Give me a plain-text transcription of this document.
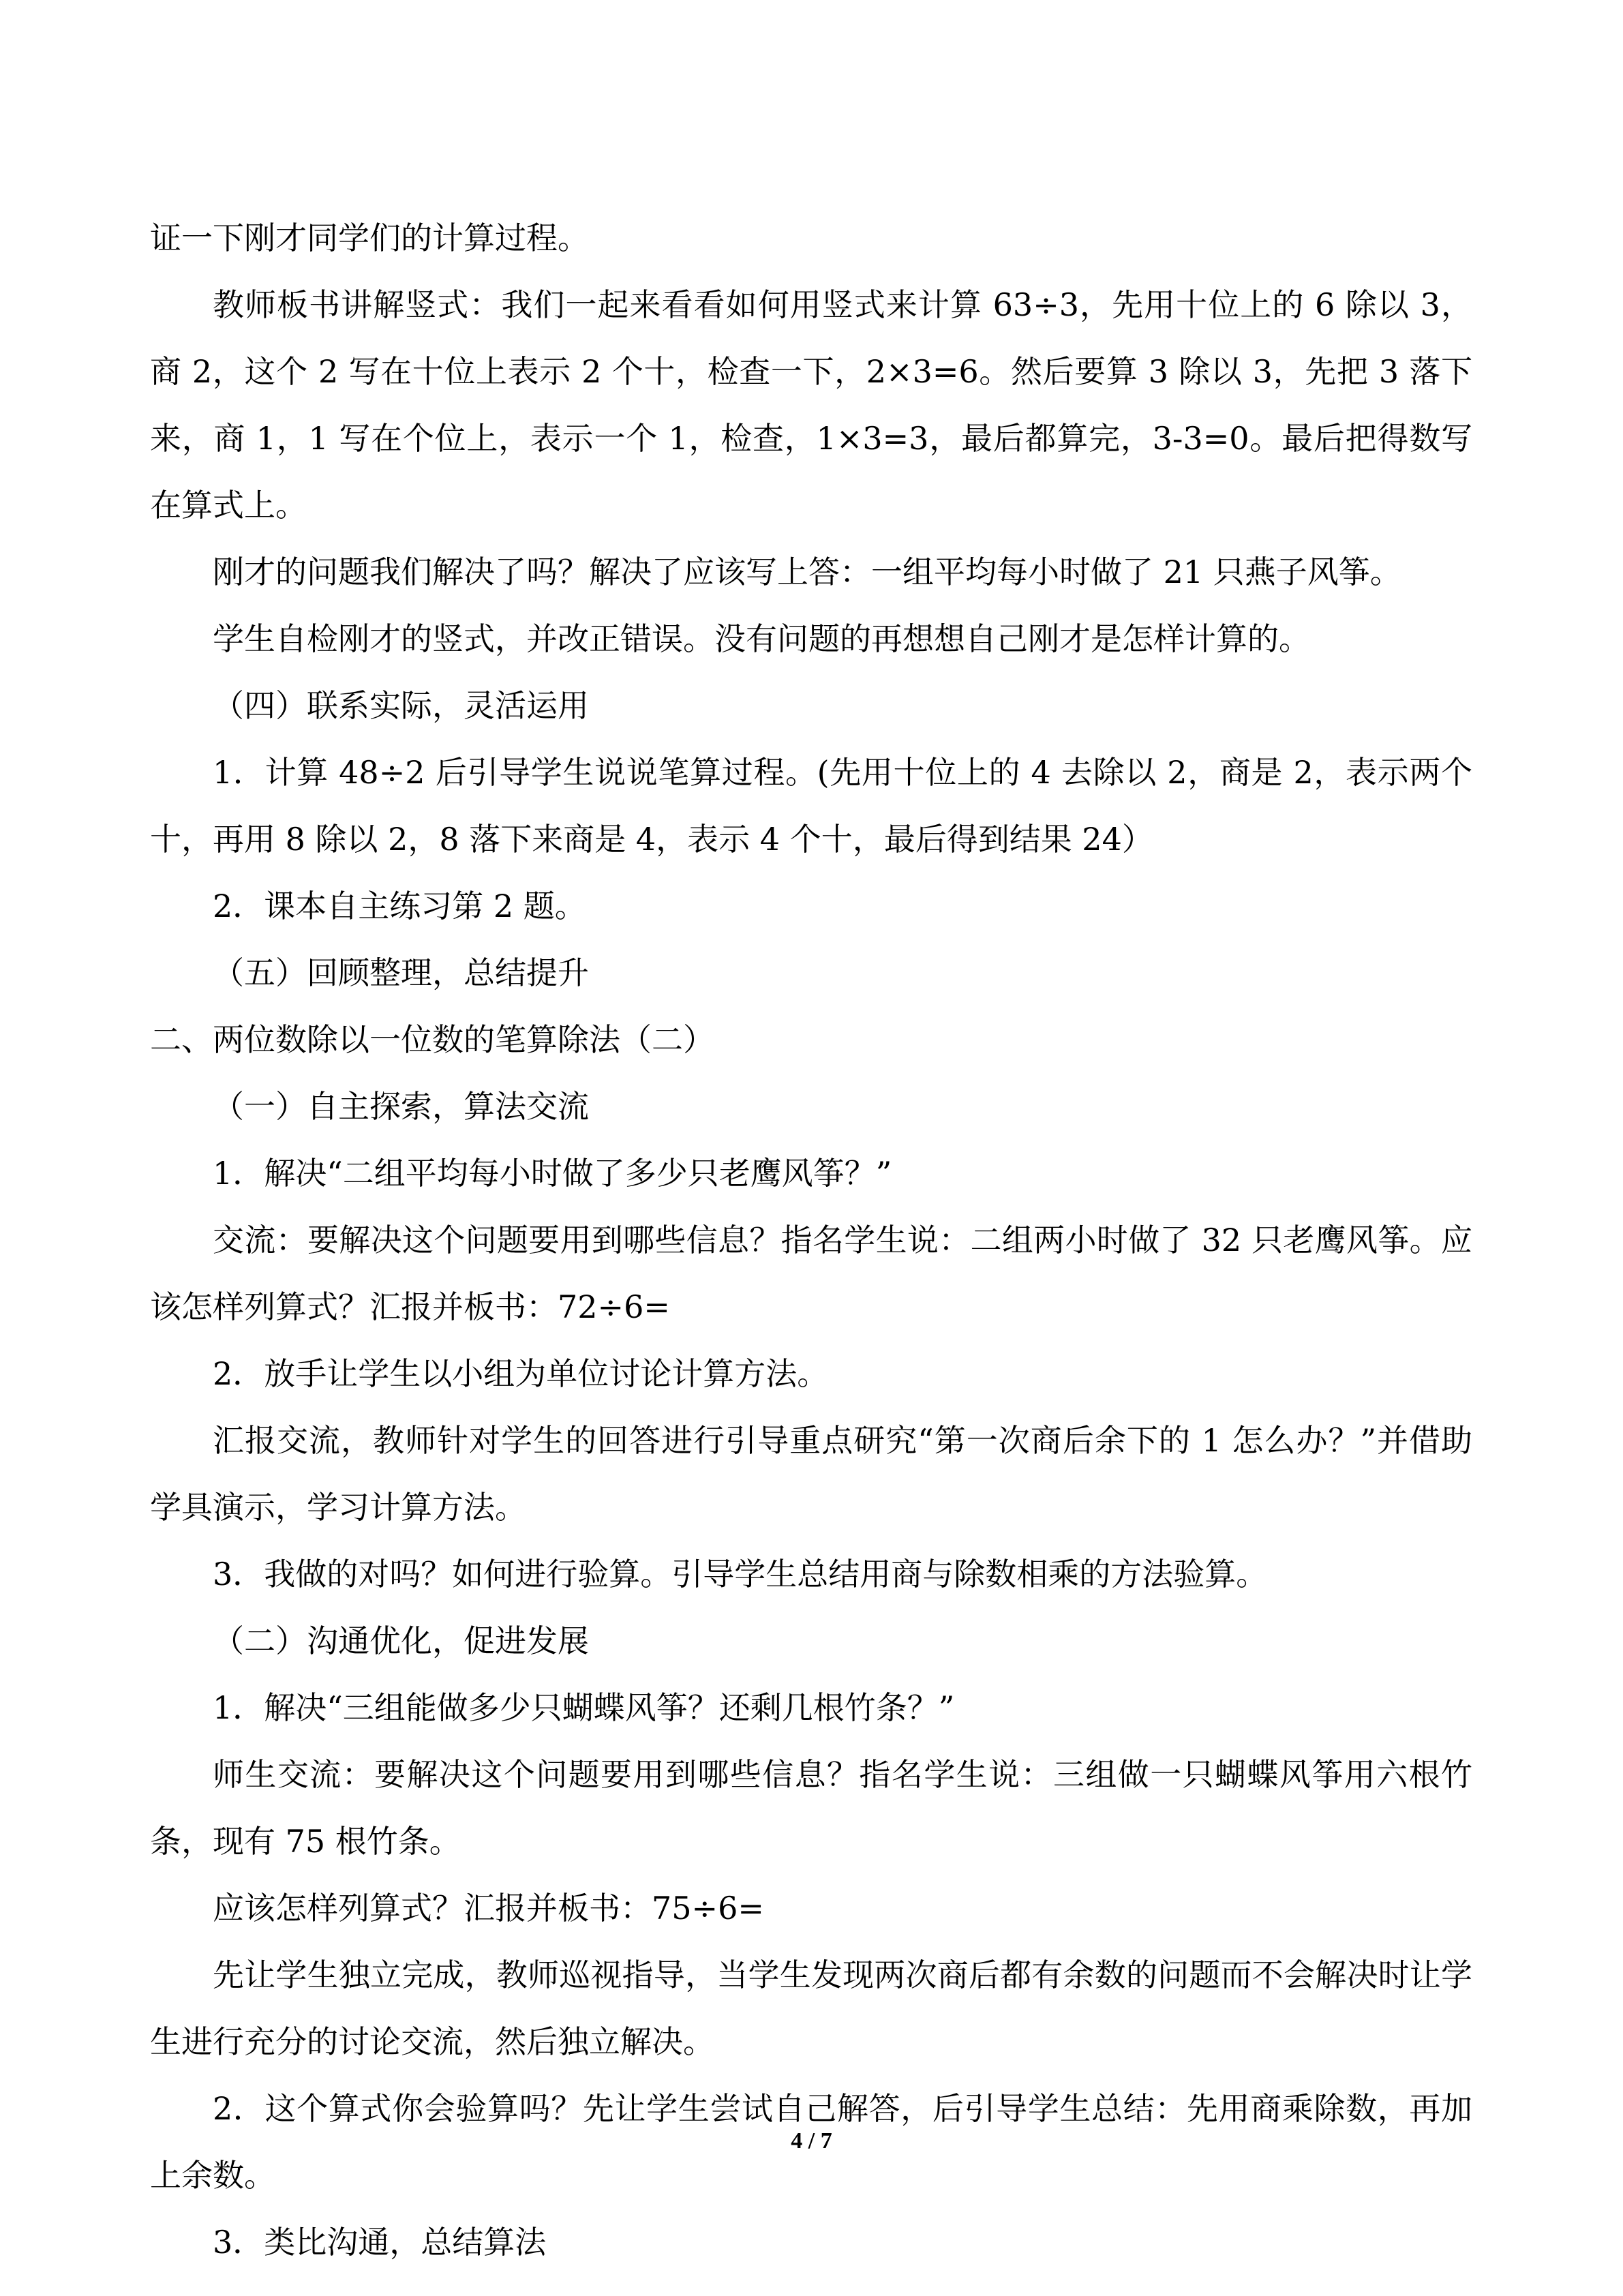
证一下刚才同学们的计算过程。

教师板书讲解竖式：我们一起来看看如何用竖式来计算 63÷3，先用十位上的 6 除以 3，商 2，这个 2 写在十位上表示 2 个十，检查一下，2×3=6。然后要算 3 除以 3，先把 3 落下来，商 1，1 写在个位上，表示一个 1，检查，1×3=3，最后都算完，3-3=0。最后把得数写在算式上。

刚才的问题我们解决了吗？解决了应该写上答：一组平均每小时做了 21 只燕子风筝。

学生自检刚才的竖式，并改正错误。没有问题的再想想自己刚才是怎样计算的。

（四）联系实际，灵活运用

1．计算 48÷2 后引导学生说说笔算过程。(先用十位上的 4 去除以 2，商是 2，表示两个十，再用 8 除以 2，8 落下来商是 4，表示 4 个十，最后得到结果 24）

2．课本自主练习第 2 题。

（五）回顾整理，总结提升

二、两位数除以一位数的笔算除法（二）

（一）自主探索，算法交流

1．解决“二组平均每小时做了多少只老鹰风筝？”

交流：要解决这个问题要用到哪些信息？指名学生说：二组两小时做了 32 只老鹰风筝。应该怎样列算式？汇报并板书：72÷6=

2．放手让学生以小组为单位讨论计算方法。

汇报交流，教师针对学生的回答进行引导重点研究“第一次商后余下的 1 怎么办？”并借助学具演示，学习计算方法。

3．我做的对吗？如何进行验算。引导学生总结用商与除数相乘的方法验算。

（二）沟通优化，促进发展

1．解决“三组能做多少只蝴蝶风筝？还剩几根竹条？”

师生交流：要解决这个问题要用到哪些信息？指名学生说：三组做一只蝴蝶风筝用六根竹条，现有 75 根竹条。

应该怎样列算式？汇报并板书：75÷6=

先让学生独立完成，教师巡视指导，当学生发现两次商后都有余数的问题而不会解决时让学生进行充分的讨论交流，然后独立解决。

2．这个算式你会验算吗？先让学生尝试自己解答，后引导学生总结：先用商乘除数，再加上余数。

3．类比沟通，总结算法

4 / 7
